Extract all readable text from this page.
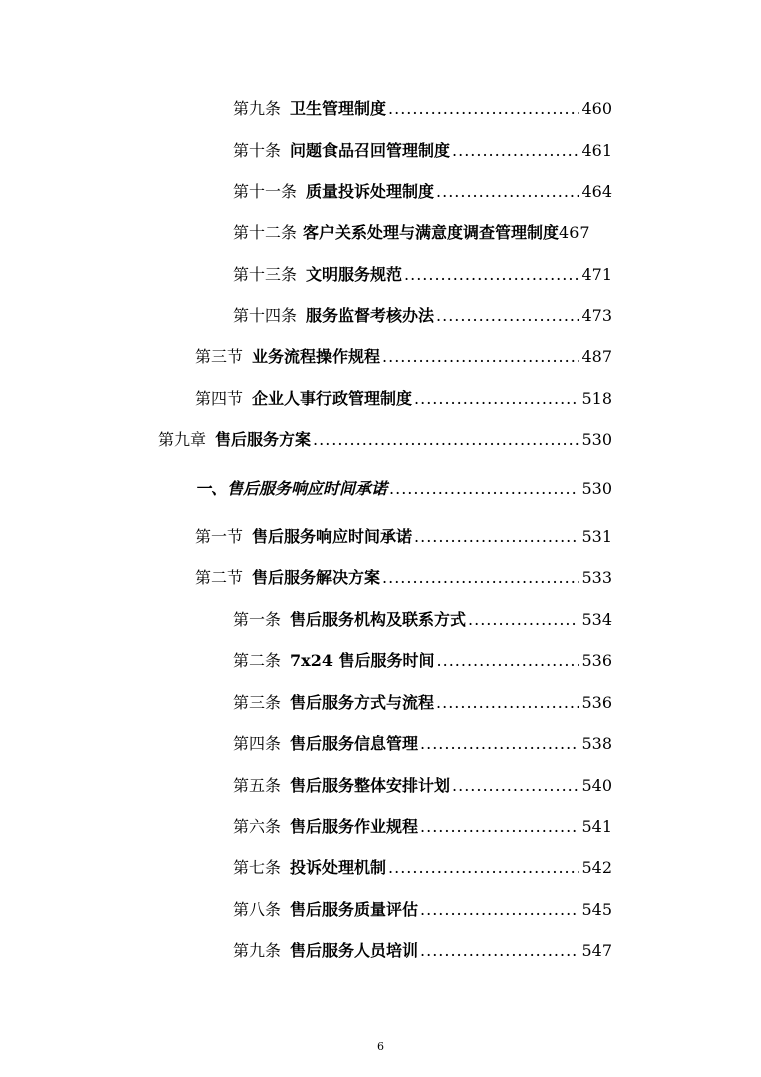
第九条 卫生管理制度 .....	460
第十条 问题食品召回管理制度 .....	461
第十一条 质量投诉处理制度 .....	464
第十二条 客户关系处理与满意度调查管理制度 467
第十三条 文明服务规范 .....	471
第十四条 服务监督考核办法 .....	473
第三节 业务流程操作规程 .....	487
第四节 企业人事行政管理制度 .....	518
第九章 售后服务方案 .....	530
一、售后服务响应时间承诺 .....	530
第一节 售后服务响应时间承诺 .....	531
第二节 售后服务解决方案 .....	533
第一条 售后服务机构及联系方式 .....	534
第二条 7x24 售后服务时间 .....	536
第三条 售后服务方式与流程 .....	536
第四条 售后服务信息管理 .....	538
第五条 售后服务整体安排计划 .....	540
第六条 售后服务作业规程 .....	541
第七条 投诉处理机制 .....	542
第八条 售后服务质量评估 .....	545
第九条 售后服务人员培训 .....	547
6
